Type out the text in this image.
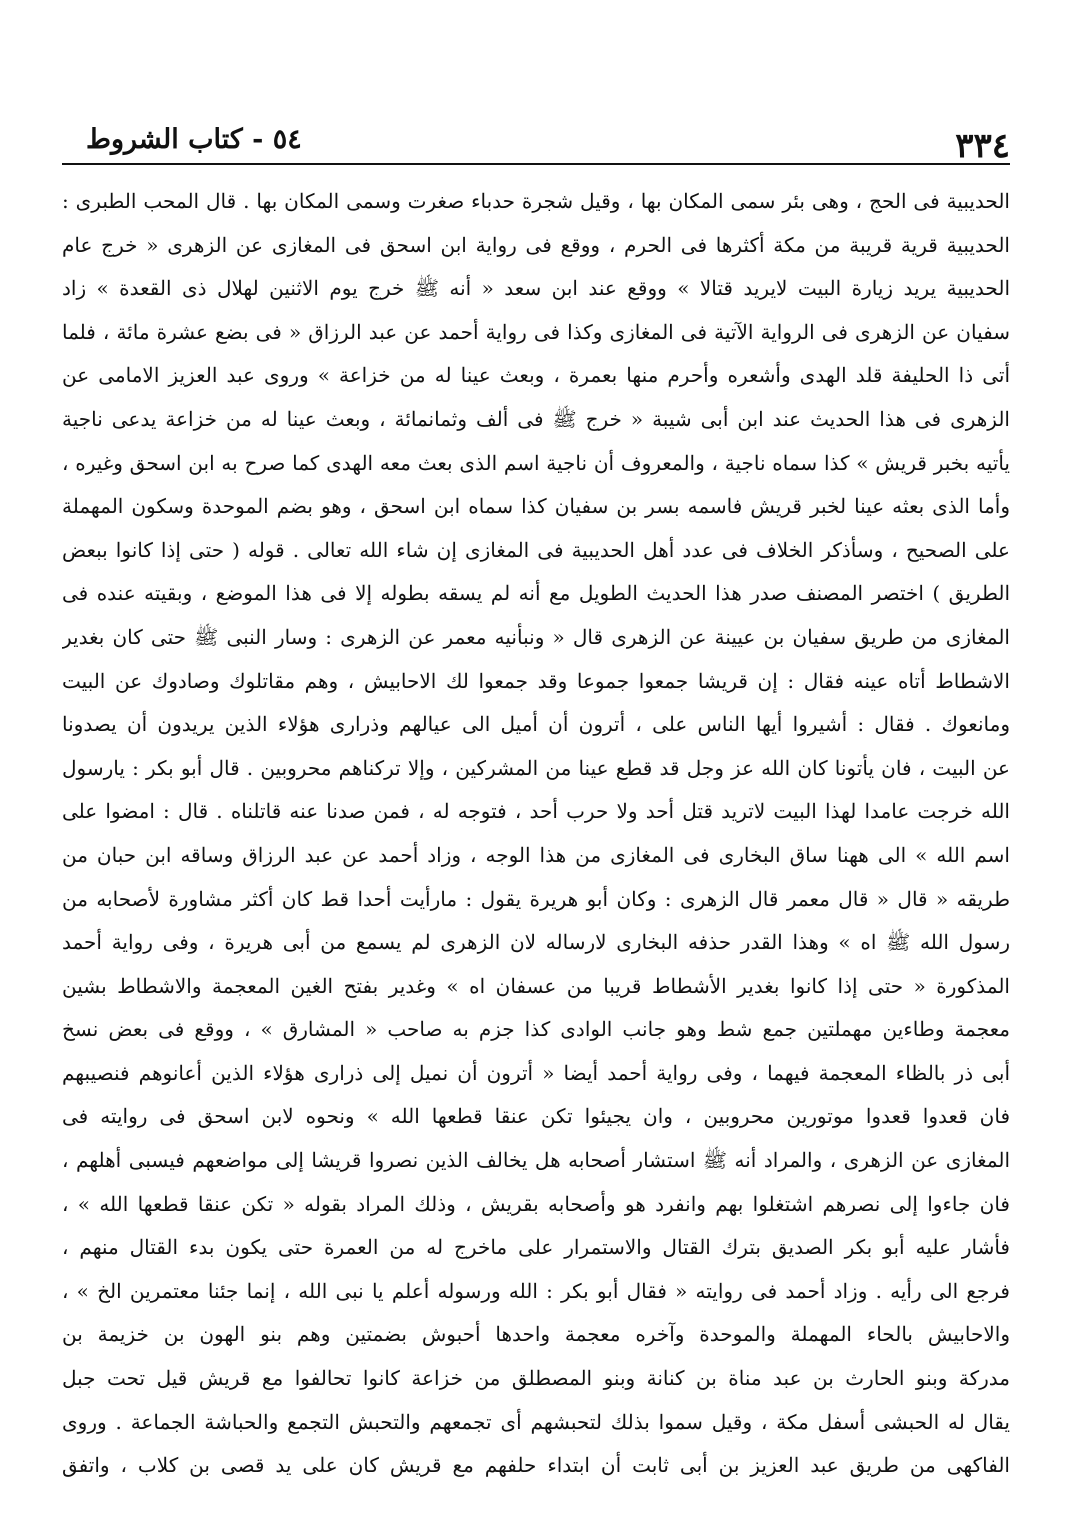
٣٣٤
٥٤ - كتاب الشروط
الحديبية فى الحج ، وهى بئر سمى المكان بها ، وقيل شجرة حدباء صغرت وسمى المكان بها . قال المحب الطبرى :
الحديبية قرية قريبة من مكة أكثرها فى الحرم ، ووقع فى رواية ابن اسحق فى المغازى عن الزهرى « خرج عام
الحديبية يريد زيارة البيت لايريد قتالا » ووقع عند ابن سعد « أنه ﷺ خرج يوم الاثنين لهلال ذى القعدة » زاد
سفيان عن الزهرى فى الرواية الآتية فى المغازى وكذا فى رواية أحمد عن عبد الرزاق « فى بضع عشرة مائة ، فلما
أتى ذا الحليفة قلد الهدى وأشعره وأحرم منها بعمرة ، وبعث عينا له من خزاعة » وروى عبد العزيز الامامى عن
الزهرى فى هذا الحديث عند ابن أبى شيبة « خرج ﷺ فى ألف وثمانمائة ، وبعث عينا له من خزاعة يدعى ناجية
يأتيه بخبر قريش » كذا سماه ناجية ، والمعروف أن ناجية اسم الذى بعث معه الهدى كما صرح به ابن اسحق وغيره ،
وأما الذى بعثه عينا لخبر قريش فاسمه بسر بن سفيان كذا سماه ابن اسحق ، وهو بضم الموحدة وسكون المهملة
على الصحيح ، وسأذكر الخلاف فى عدد أهل الحديبية فى المغازى إن شاء الله تعالى . قوله ( حتى إذا كانوا ببعض
الطريق ) اختصر المصنف صدر هذا الحديث الطويل مع أنه لم يسقه بطوله إلا فى هذا الموضع ، وبقيته عنده فى
المغازى من طريق سفيان بن عيينة عن الزهرى قال « ونبأنيه معمر عن الزهرى : وسار النبى ﷺ حتى كان بغدير
الاشطاط أتاه عينه فقال : إن قريشا جمعوا جموعا وقد جمعوا لك الاحابيش ، وهم مقاتلوك وصادوك عن البيت
ومانعوك . فقال : أشيروا أيها الناس على ، أترون أن أميل الى عيالهم وذرارى هؤلاء الذين يريدون أن يصدونا
عن البيت ، فان يأتونا كان الله عز وجل قد قطع عينا من المشركين ، وإلا تركناهم محروبين . قال أبو بكر : يارسول
الله خرجت عامدا لهذا البيت لاتريد قتل أحد ولا حرب أحد ، فتوجه له ، فمن صدنا عنه قاتلناه . قال : امضوا على
اسم الله » الى ههنا ساق البخارى فى المغازى من هذا الوجه ، وزاد أحمد عن عبد الرزاق وساقه ابن حبان من
طريقه « قال « قال معمر قال الزهرى : وكان أبو هريرة يقول : مارأيت أحدا قط كان أكثر مشاورة لأصحابه من
رسول الله ﷺ اه » وهذا القدر حذفه البخارى لارساله لان الزهرى لم يسمع من أبى هريرة ، وفى رواية أحمد
المذكورة « حتى إذا كانوا بغدير الأشطاط قريبا من عسفان اه » وغدير بفتح الغين المعجمة والاشطاط بشين
معجمة وطاءين مهملتين جمع شط وهو جانب الوادى كذا جزم به صاحب « المشارق » ، ووقع فى بعض نسخ
أبى ذر بالظاء المعجمة فيهما ، وفى رواية أحمد أيضا « أترون أن نميل إلى ذرارى هؤلاء الذين أعانوهم فنصيبهم
فان قعدوا قعدوا موتورين محروبين ، وان يجيئوا تكن عنقا قطعها الله » ونحوه لابن اسحق فى روايته فى
المغازى عن الزهرى ، والمراد أنه ﷺ استشار أصحابه هل يخالف الذين نصروا قريشا إلى مواضعهم فيسبى أهلهم ،
فان جاءوا إلى نصرهم اشتغلوا بهم وانفرد هو وأصحابه بقريش ، وذلك المراد بقوله « تكن عنقا قطعها الله » ،
فأشار عليه أبو بكر الصديق بترك القتال والاستمرار على ماخرج له من العمرة حتى يكون بدء القتال منهم ،
فرجع الى رأيه . وزاد أحمد فى روايته « فقال أبو بكر : الله ورسوله أعلم يا نبى الله ، إنما جئنا معتمرين الخ » ،
والاحابيش بالحاء المهملة والموحدة وآخره معجمة واحدها أحبوش بضمتين وهم بنو الهون بن خزيمة بن
مدركة وبنو الحارث بن عبد مناة بن كنانة وبنو المصطلق من خزاعة كانوا تحالفوا مع قريش قيل تحت جبل
يقال له الحبشى أسفل مكة ، وقيل سموا بذلك لتحبشهم أى تجمعهم والتحبش التجمع والحباشة الجماعة . وروى
الفاكهى من طريق عبد العزيز بن أبى ثابت أن ابتداء حلفهم مع قريش كان على يد قصى بن كلاب ، واتفق
